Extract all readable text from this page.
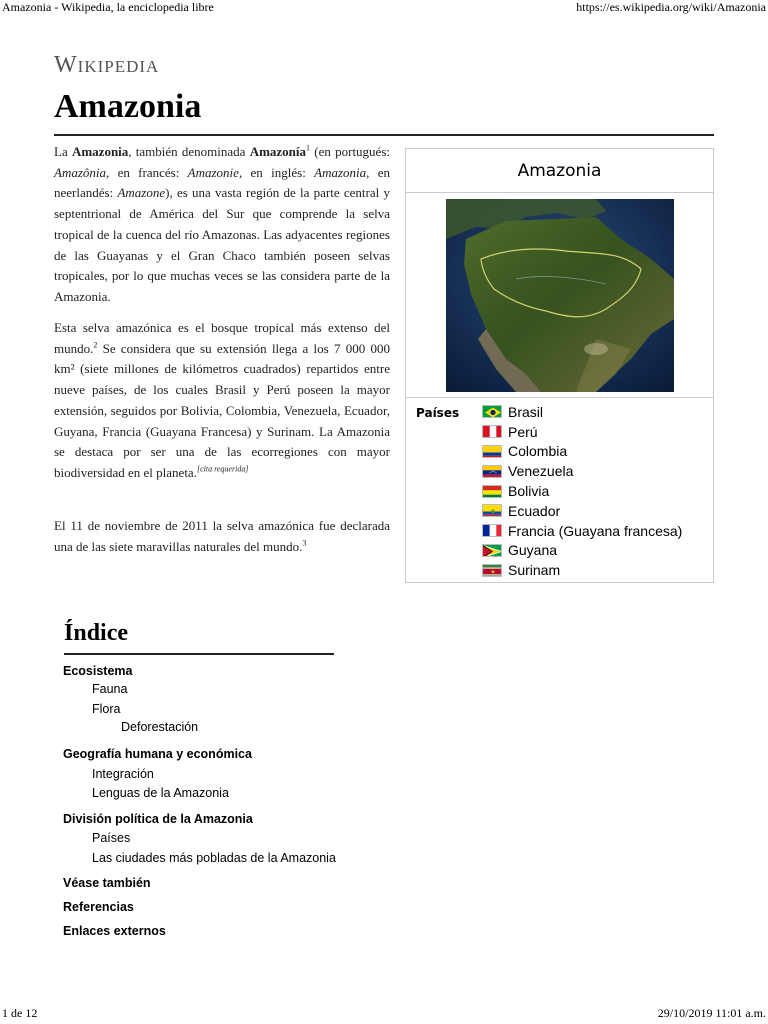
Amazonia - Wikipedia, la enciclopedia libre	https://es.wikipedia.org/wiki/Amazonia
Wikipedia
Amazonia
La Amazonia, también denominada Amazonía$^1$ (en portugués: Amazônia, en francés: Amazonie, en inglés: Amazonia, en neerlandés: Amazone), es una vasta región de la parte central y septentrional de América del Sur que comprende la selva tropical de la cuenca del río Amazonas. Las adyacentes regiones de las Guayanas y el Gran Chaco también poseen selvas tropicales, por lo que muchas veces se las considera parte de la Amazonia.
Esta selva amazónica es el bosque tropical más extenso del mundo.$^2$ Se considera que su extensión llega a los 7 000 000 km² (siete millones de kilómetros cuadrados) repartidos entre nueve países, de los cuales Brasil y Perú poseen la mayor extensión, seguidos por Bolivia, Colombia, Venezuela, Ecuador, Guyana, Francia (Guayana Francesa) y Surinam. La Amazonia se destaca por ser una de las ecorregiones con mayor biodiversidad en el planeta.[cita requerida]
El 11 de noviembre de 2011 la selva amazónica fue declarada una de las siete maravillas naturales del mundo.$^3$
Amazonia
Países	Brasil
Perú
Colombia
Venezuela
Bolivia
Ecuador
Francia (Guayana francesa)
Guyana
Surinam
Índice
Ecosistema
Fauna
Flora
Deforestación
Geografía humana y económica
Integración
Lenguas de la Amazonia
División política de la Amazonia
Países
Las ciudades más pobladas de la Amazonia
Véase también
Referencias
Enlaces externos
1 de 12	29/10/2019 11:01 a.m.
